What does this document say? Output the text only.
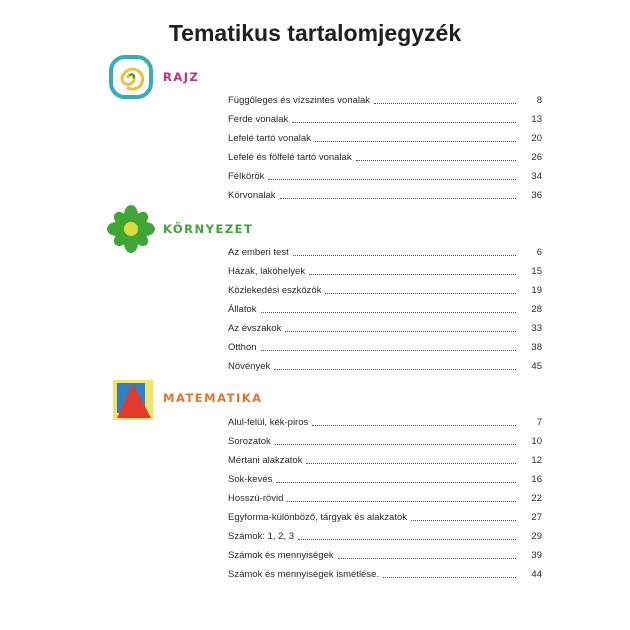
Tematikus tartalomjegyzék
RAJZ
Függőleges és vízszintes vonalak	8
Ferde vonalak	13
Lefelé tartó vonalak	20
Lefelé és fölfelé tartó vonalak	26
Félkörök	34
Körvonalak	36
KÖRNYEZET
Az emberi test	6
Házak, lakóhelyek	15
Közlekedési eszközök	19
Állatok	28
Az évszakok	33
Otthon	38
Növények	45
MATEMATIKA
Alul-felül, kék-piros	7
Sorozatok	10
Mértani alakzatok	12
Sok-kevés	16
Hosszú-rövid	22
Egyforma-különböző, tárgyak és alakzatok	27
Számok: 1, 2, 3	29
Számok és mennyiségek	39
Számok és mennyiségek ismétlése.	44
